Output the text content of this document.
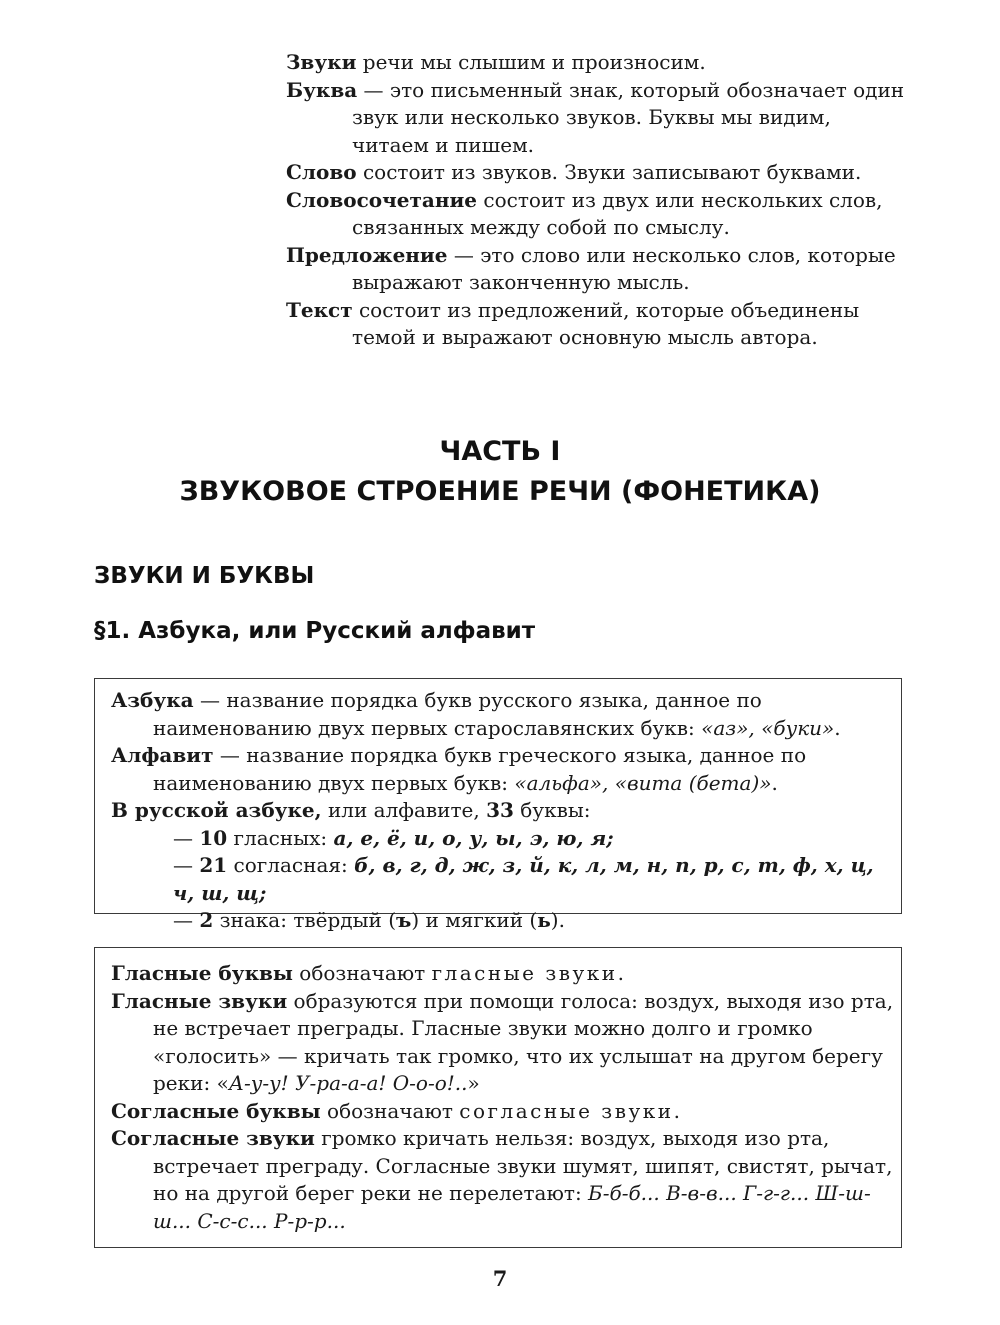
Звуки речи мы слышим и произносим.

Буква — это письменный знак, который обозначает один звук или несколько звуков. Буквы мы видим, читаем и пишем.

Слово состоит из звуков. Звуки записывают буквами.

Словосочетание состоит из двух или нескольких слов, связанных между собой по смыслу.

Предложение — это слово или несколько слов, которые выражают законченную мысль.

Текст состоит из предложений, которые объединены темой и выражают основную мысль автора.

ЧАСТЬ I
ЗВУКОВОЕ СТРОЕНИЕ РЕЧИ (ФОНЕТИКА)
ЗВУКИ И БУКВЫ
§1. Азбука, или Русский алфавит

Азбука — название порядка букв русского языка, данное по наименованию двух первых старославянских букв: «аз», «буки».

Алфавит — название порядка букв греческого языка, данное по наименованию двух первых букв: «альфа», «вита (бета)».

В русской азбуке, или алфавите, 33 буквы:

— 10 гласных: а, е, ё, и, о, у, ы, э, ю, я;

— 21 согласная: б, в, г, д, ж, з, й, к, л, м, н, п, р, с, т, ф, х, ц, ч, ш, щ;

— 2 знака: твёрдый (ъ) и мягкий (ь).

Гласные буквы обозначают гласные звуки.

Гласные звуки образуются при помощи голоса: воздух, выходя изо рта, не встречает преграды. Гласные звуки можно долго и громко «голосить» — кричать так громко, что их услышат на другом берегу реки: «А-у-у! У-ра-а-а! О-о-о!..»

Согласные буквы обозначают согласные звуки.

Согласные звуки громко кричать нельзя: воздух, выходя изо рта, встречает преграду. Согласные звуки шумят, шипят, свистят, рычат, но на другой берег реки не перелетают: Б-б-б... В-в-в... Г-г-г... Ш-ш-ш... С-с-с... Р-р-р...

7
